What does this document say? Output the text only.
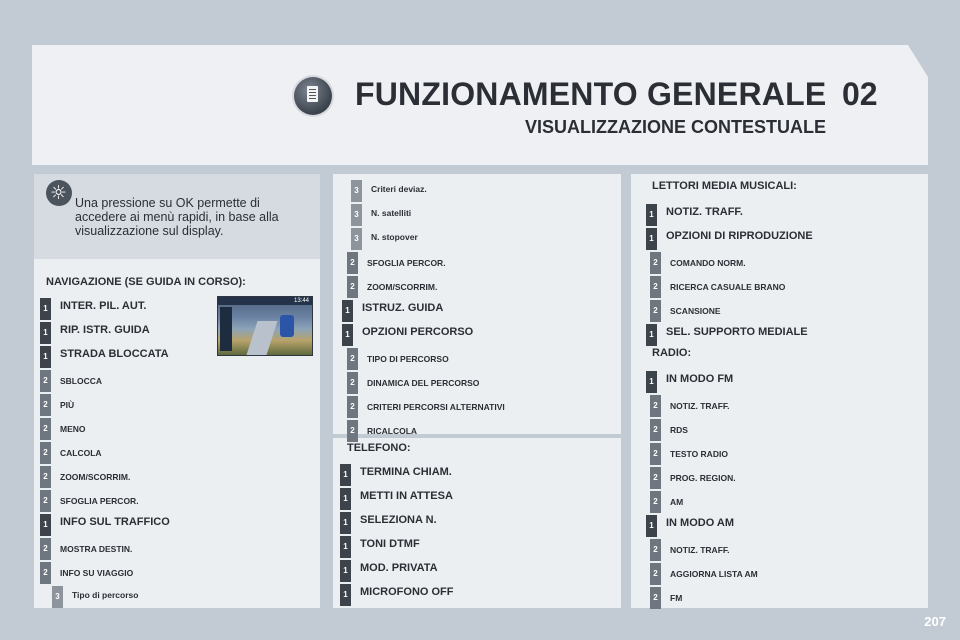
FUNZIONAMENTO GENERALE 02
VISUALIZZAZIONE CONTESTUALE
☼
Una pressione su OK permette di accedere ai menù rapidi, in base alla visualizzazione sul display.
13:44
NAVIGAZIONE (SE GUIDA IN CORSO):
TELEFONO:
LETTORI MEDIA MUSICALI:
RADIO:
1 INTER. PIL. AUT.
1 RIP. ISTR. GUIDA
1 STRADA BLOCCATA
2	SBLOCCA
2	PIÙ
2	MENO
2	CALCOLA
2	ZOOM/SCORRIM.
2	SFOGLIA PERCOR.
1 INFO SUL TRAFFICO
2	MOSTRA DESTIN.
2	INFO SU VIAGGIO
3	Tipo di percorso
3	Criteri deviaz.
3	N. satelliti
3	N. stopover
2	SFOGLIA PERCOR.
2	ZOOM/SCORRIM.
1 ISTRUZ. GUIDA
1 OPZIONI PERCORSO
2	TIPO DI PERCORSO
2	DINAMICA DEL PERCORSO
2	CRITERI PERCORSI ALTERNATIVI
2	RICALCOLA
1 TERMINA CHIAM.
1 METTI IN ATTESA
1 SELEZIONA N.
1 TONI DTMF
1 MOD. PRIVATA
1 MICROFONO OFF
1 NOTIZ. TRAFF.
1 OPZIONI DI RIPRODUZIONE
2	COMANDO NORM.
2	RICERCA CASUALE BRANO
2	SCANSIONE
1 SEL. SUPPORTO MEDIALE
1 IN MODO FM
2	NOTIZ. TRAFF.
2	RDS
2	TESTO RADIO
2	PROG. REGION.
2	AM
1 IN MODO AM
2	NOTIZ. TRAFF.
2	AGGIORNA LISTA AM
2	FM
207
